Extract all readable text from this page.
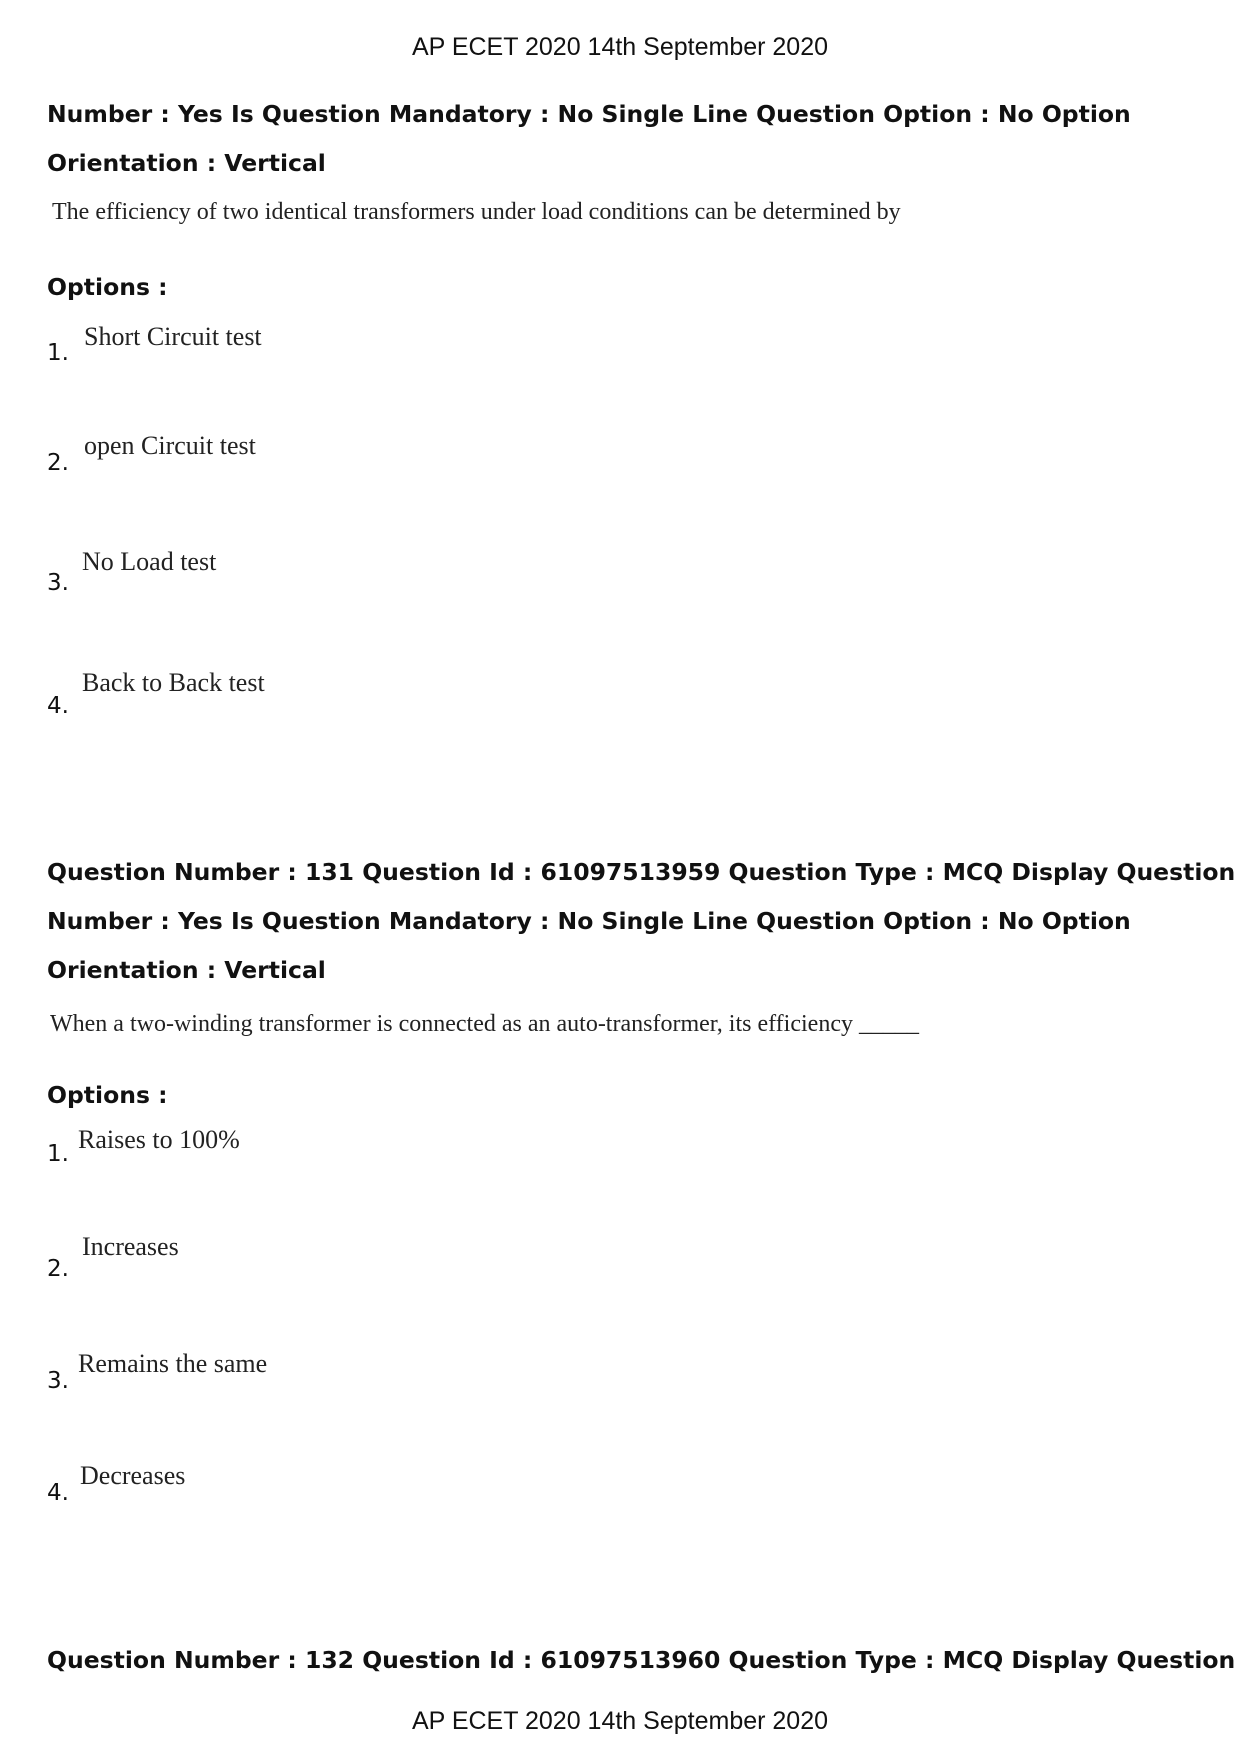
AP ECET 2020 14th September 2020
Number : Yes Is Question Mandatory : No Single Line Question Option : No Option
Orientation : Vertical
The efficiency of two identical transformers under load conditions can be determined by
Options :
1.
Short Circuit test
2.
open Circuit test
3.
No Load test
4.
Back to Back test
Question Number : 131 Question Id : 61097513959 Question Type : MCQ Display Question
Number : Yes Is Question Mandatory : No Single Line Question Option : No Option
Orientation : Vertical
When a two-winding transformer is connected as an auto-transformer, its efficiency _____
Options :
1. Raises to 100%
2.
Increases
3.
Remains the same
4.
Decreases
Question Number : 132 Question Id : 61097513960 Question Type : MCQ Display Question
AP ECET 2020 14th September 2020
